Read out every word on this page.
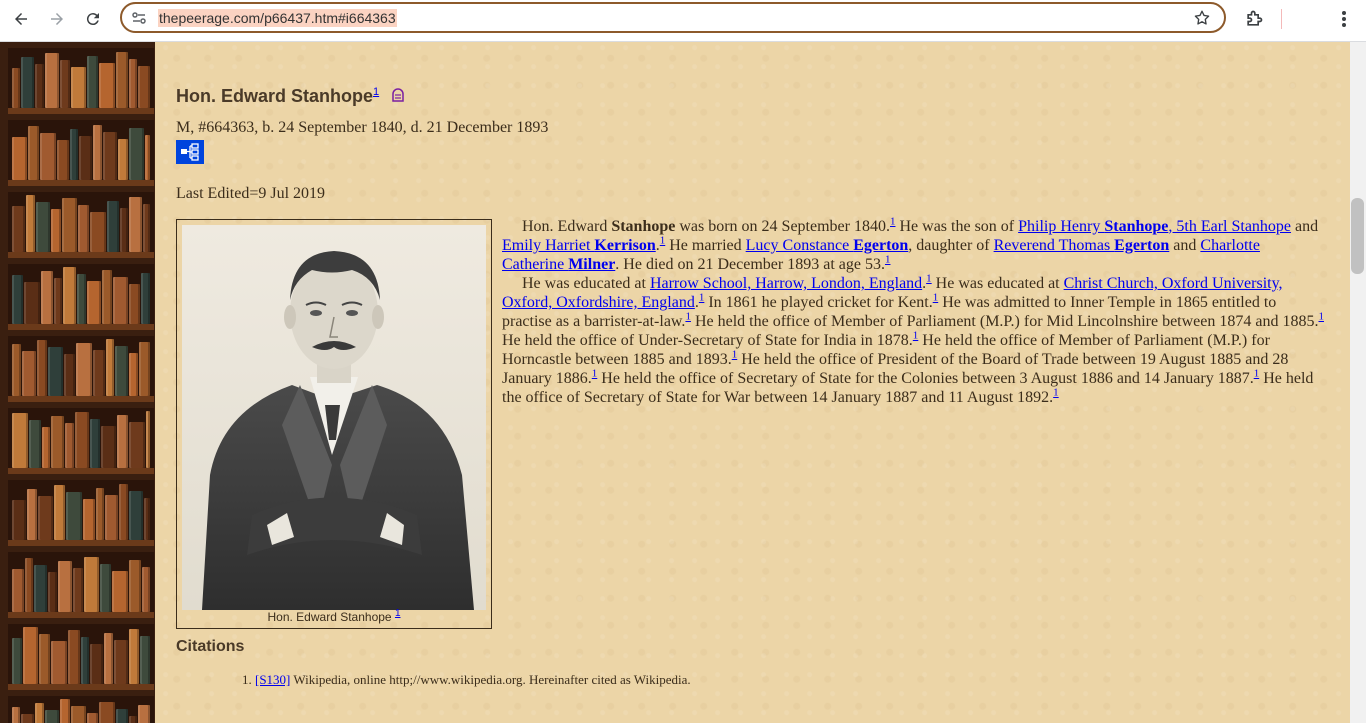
thepeerage.com/p66437.htm#i664363
Hon. Edward Stanhope$^1$

M, #664363, b. 24 September 1840, d. 21 December 1893

Last Edited=9 Jul 2019

Hon. Edward Stanhope $^1$

Hon. Edward Stanhope was born on 24 September 1840.$^1$ He was the son of Philip Henry Stanhope, 5th Earl Stanhope and Emily Harriet Kerrison.$^1$ He married Lucy Constance Egerton, daughter of Reverend Thomas Egerton and Charlotte Catherine Milner. He died on 21 December 1893 at age 53.$^1$

He was educated at Harrow School, Harrow, London, England.$^1$ He was educated at Christ Church, Oxford University, Oxford, Oxfordshire, England.$^1$ In 1861 he played cricket for Kent.$^1$ He was admitted to Inner Temple in 1865 entitled to practise as a barrister-at-law.$^1$ He held the office of Member of Parliament (M.P.) for Mid Lincolnshire between 1874 and 1885.$^1$ He held the office of Under-Secretary of State for India in 1878.$^1$ He held the office of Member of Parliament (M.P.) for Horncastle between 1885 and 1893.$^1$ He held the office of President of the Board of Trade between 19 August 1885 and 28 January 1886.$^1$ He held the office of Secretary of State for the Colonies between 3 August 1886 and 14 January 1887.$^1$ He held the office of Secretary of State for War between 14 January 1887 and 11 August 1892.$^1$

Citations
1. [S130] Wikipedia, online http;//www.wikipedia.org. Hereinafter cited as Wikipedia.
